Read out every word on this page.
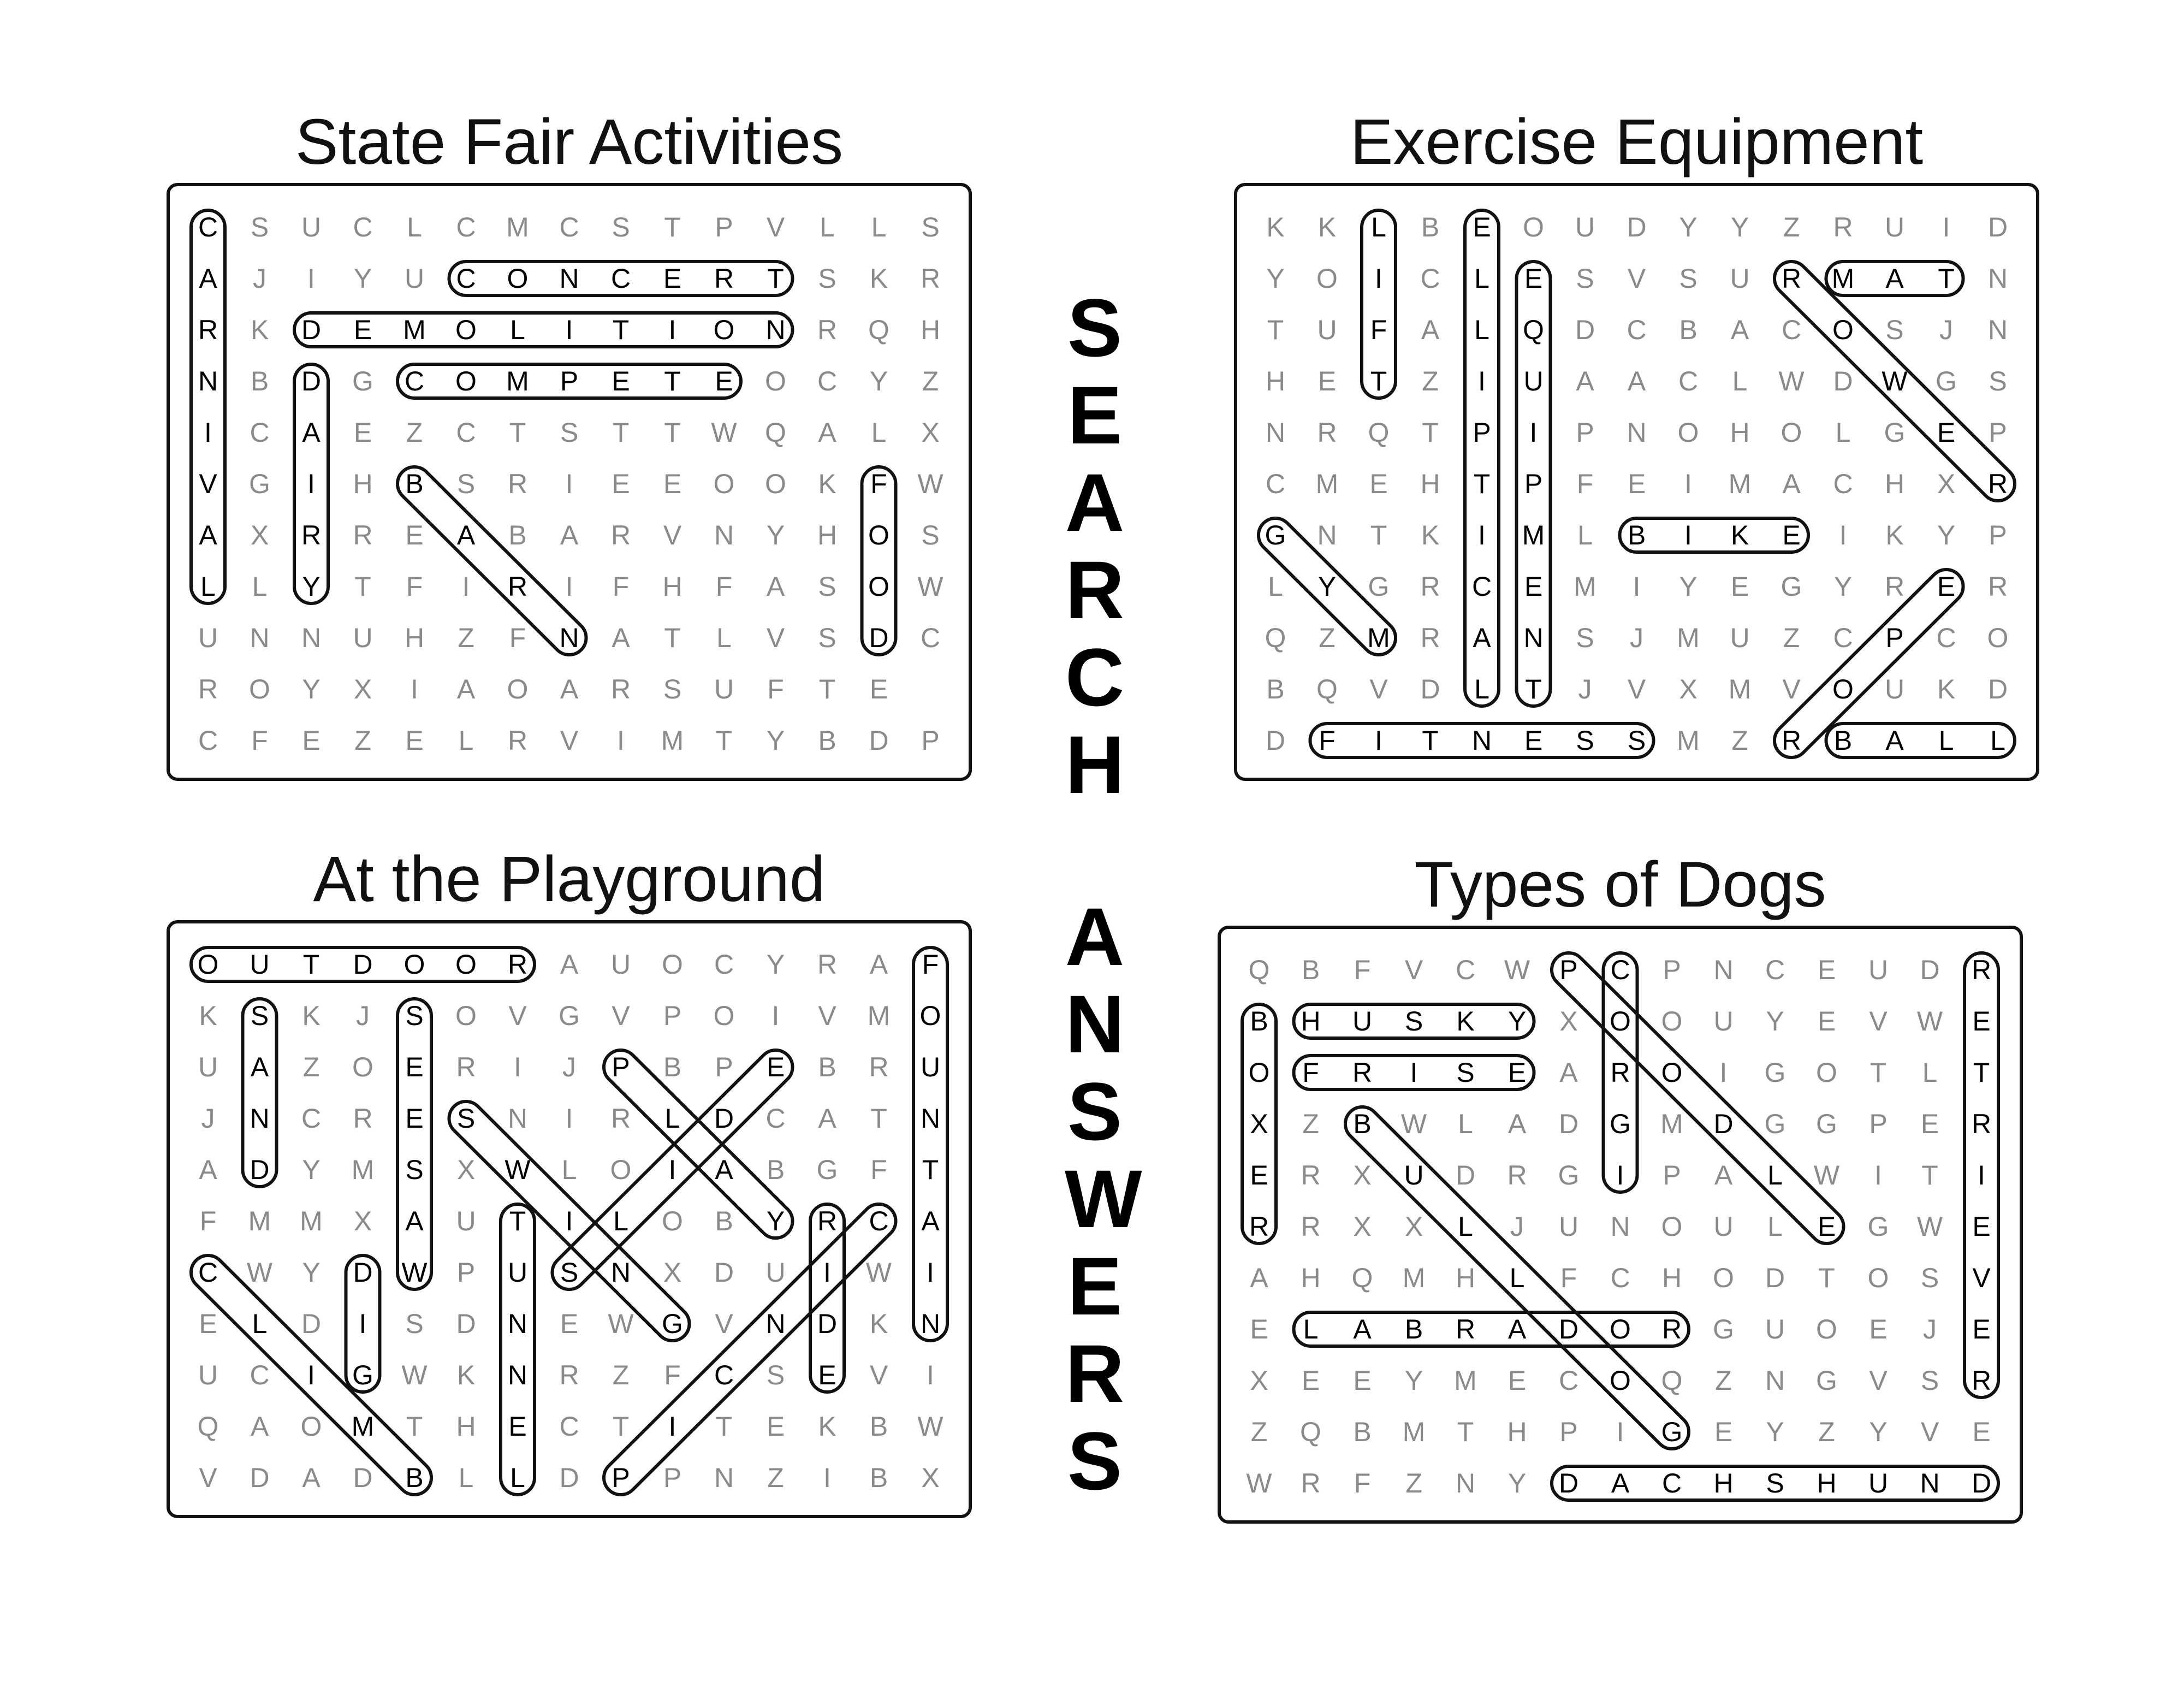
State Fair Activities
C S U C L C M C S T P V L L S
A J I Y U C O N C E R T S K R
R K D E M O L I T I O N R Q H
N B D G C O M P E T E O C Y Z
I C A E Z C T S T T W Q A L X
V G I H B S R I E E O O K F W
A X R R E A B A R V N Y H O S
L L Y T F I R I F H F A S O W
U N N U H Z F N A T L V S D C
R O Y X I A O A R S U F T E
C F E Z E L R V I M T Y B D P
Exercise Equipment
K K L B E O U D Y Y Z R U I D
Y O I C L E S V S U R M A T N
T U F A L Q D C B A C O S J N
H E T Z I U A A C L W D W G S
N R Q T P I P N O H O L G E P
C M E H T P F E I M A C H X R
G N T K I M L B I K E I K Y P
L Y G R C E M I Y E G Y R E R
Q Z M R A N S J M U Z C P C O
B Q V D L T J V X M V O U K D
D F I T N E S S M Z R B A L L
At the Playground
O U T D O O R A U O C Y R A F
K S K J S O V G V P O I V M O
U A Z O E R I J P B P E B R U
J N C R E S N I R L D C A T N
A D Y M S X W L O I A B G F T
F M M X A U T I L O B Y R C A
C W Y D W P U S N X D U I W I
E L D I S D N E W G V N D K N
U C I G W K N R Z F C S E V I
Q A O M T H E C T I T E K B W
V D A D B L L D P P N Z I B X
Types of Dogs
Q B F V C W P C P N C E U D R
B H U S K Y X O O U Y E V W E
O F R I S E A R O I G O T L T
X Z B W L A D G M D G G P E R
E R X U D R G I P A L W I T I
R R X X L J U N O U L E G W E
A H Q M H L F C H O D T O S V
E L A B R A D O R G U O E J E
X E E Y M E C O Q Z N G V S R
Z Q B M T H P I G E Y Z Y V E
W R F Z N Y D A C H S H U N D
SEARCH
ANSWERS
